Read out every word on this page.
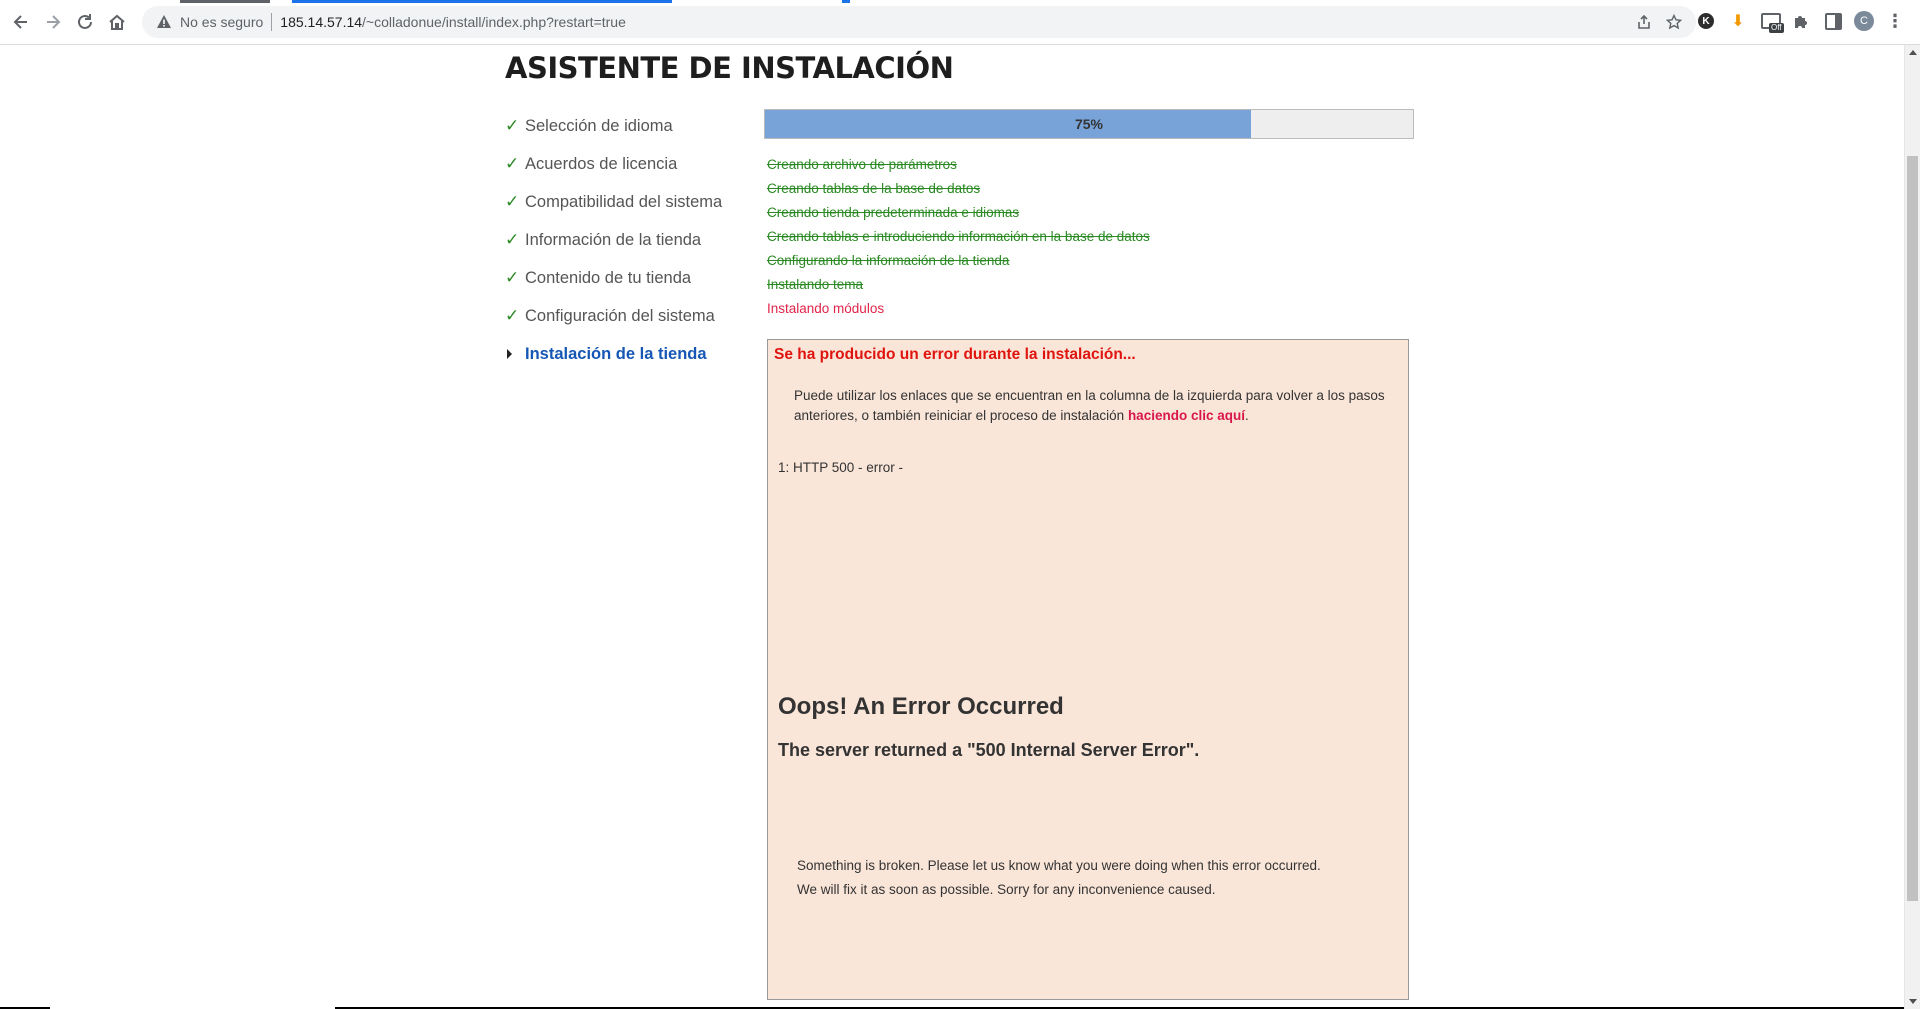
No es seguro 185.14.57.14 /~colladonue/install/index.php?restart=true	K ⬇	Off
C	⋮
ASISTENTE DE INSTALACIÓN
✓ Selección de idioma
✓ Acuerdos de licencia
✓ Compatibilidad del sistema
✓ Información de la tienda
✓ Contenido de tu tienda
✓ Configuración del sistema
Instalación de la tienda
75%
Creando archivo de parámetros
Creando tablas de la base de datos
Creando tienda predeterminada e idiomas
Creando tablas e introduciendo información en la base de datos
Configurando la información de la tienda
Instalando tema
Instalando módulos
Se ha producido un error durante la instalación...
Puede utilizar los enlaces que se encuentran en la columna de la izquierda para volver a los pasos anteriores, o también reiniciar el proceso de instalación haciendo clic aquí.
1: HTTP 500 - error -
Oops! An Error Occurred
The server returned a "500 Internal Server Error".
Something is broken. Please let us know what you were doing when this error occurred.
We will fix it as soon as possible. Sorry for any inconvenience caused.
